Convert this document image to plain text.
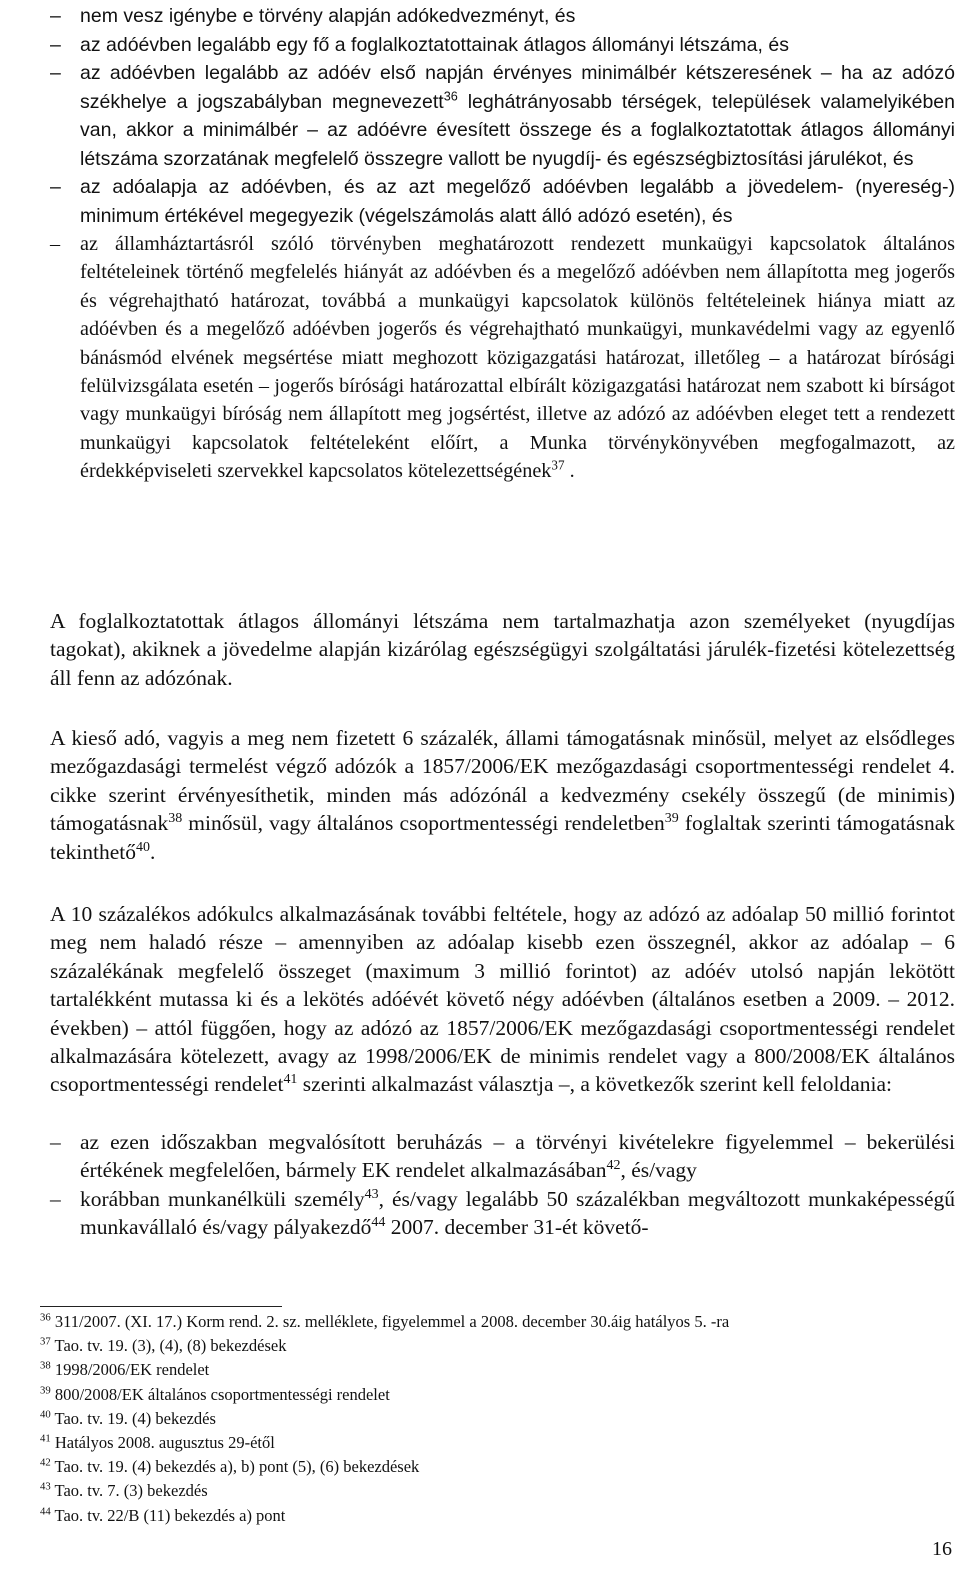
– nem vesz igénybe e törvény alapján adókedvezményt, és

– az adóévben legalább egy fő a foglalkoztatottainak átlagos állományi létszáma, és

– az adóévben legalább az adóév első napján érvényes minimálbér kétszeresének – ha az adózó székhelye a jogszabályban megnevezett$^{36}$ leghátrányosabb térségek, települések valamelyikében van, akkor a minimálbér – az adóévre évesített összege és a foglalkoztatottak átlagos állományi létszáma szorzatának megfelelő összegre vallott be nyugdíj- és egészségbiztosítási járulékot, és

– az adóalapja az adóévben, és az azt megelőző adóévben legalább a jövedelem- (nyereség-) minimum értékével megegyezik (végelszámolás alatt álló adózó esetén), és

– az államháztartásról szóló törvényben meghatározott rendezett munkaügyi kapcsolatok általános feltételeinek történő megfelelés hiányát az adóévben és a megelőző adóévben nem állapította meg jogerős és végrehajtható határozat, továbbá a munkaügyi kapcsolatok különös feltételeinek hiánya miatt az adóévben és a megelőző adóévben jogerős és végrehajtható munkaügyi, munkavédelmi vagy az egyenlő bánásmód elvének megsértése miatt meghozott közigazgatási határozat, illetőleg – a határozat bírósági felülvizsgálata esetén – jogerős bírósági határozattal elbírált közigazgatási határozat nem szabott ki bírságot vagy munkaügyi bíróság nem állapított meg jogsértést, illetve az adózó az adóévben eleget tett a rendezett munkaügyi kapcsolatok feltételeként előírt, a Munka törvénykönyvében megfogalmazott, az érdekképviseleti szervekkel kapcsolatos kötelezettségének$^{37}$ .

A foglalkoztatottak átlagos állományi létszáma nem tartalmazhatja azon személyeket (nyugdíjas tagokat), akiknek a jövedelme alapján kizárólag egészségügyi szolgáltatási járulék-fizetési kötelezettség áll fenn az adózónak.

A kieső adó, vagyis a meg nem fizetett 6 százalék, állami támogatásnak minősül, melyet az elsődleges mezőgazdasági termelést végző adózók a 1857/2006/EK mezőgazdasági csoportmentességi rendelet 4. cikke szerint érvényesíthetik, minden más adózónál a kedvezmény csekély összegű (de minimis) támogatásnak$^{38}$ minősül, vagy általános csoportmentességi rendeletben$^{39}$ foglaltak szerinti támogatásnak tekinthető$^{40}$.

A 10 százalékos adókulcs alkalmazásának további feltétele, hogy az adózó az adóalap 50 millió forintot meg nem haladó része – amennyiben az adóalap kisebb ezen összegnél, akkor az adóalap – 6 százalékának megfelelő összeget (maximum 3 millió forintot) az adóév utolsó napján lekötött tartalékként mutassa ki és a lekötés adóévét követő négy adóévben (általános esetben a 2009. – 2012. években) – attól függően, hogy az adózó az 1857/2006/EK mezőgazdasági csoportmentességi rendelet alkalmazására kötelezett, avagy az 1998/2006/EK de minimis rendelet vagy a 800/2008/EK általános csoportmentességi rendelet$^{41}$ szerinti alkalmazást választja –, a következők szerint kell feloldania:

– az ezen időszakban megvalósított beruházás – a törvényi kivételekre figyelemmel – bekerülési értékének megfelelően, bármely EK rendelet alkalmazásában$^{42}$, és/vagy

– korábban munkanélküli személy$^{43}$, és/vagy legalább 50 százalékban megváltozott munkaképességű munkavállaló és/vagy pályakezdő$^{44}$ 2007. december 31-ét követő-

$^{36}$ 311/2007. (XI. 17.) Korm rend. 2. sz. melléklete, figyelemmel a 2008. december 30.áig hatályos 5. -ra

$^{37}$ Tao. tv. 19. (3), (4), (8) bekezdések

$^{38}$ 1998/2006/EK rendelet

$^{39}$ 800/2008/EK általános csoportmentességi rendelet

$^{40}$ Tao. tv. 19. (4) bekezdés

$^{41}$ Hatályos 2008. augusztus 29-étől

$^{42}$ Tao. tv. 19. (4) bekezdés a), b) pont (5), (6) bekezdések

$^{43}$ Tao. tv. 7. (3) bekezdés

$^{44}$ Tao. tv. 22/B (11) bekezdés a) pont

16
